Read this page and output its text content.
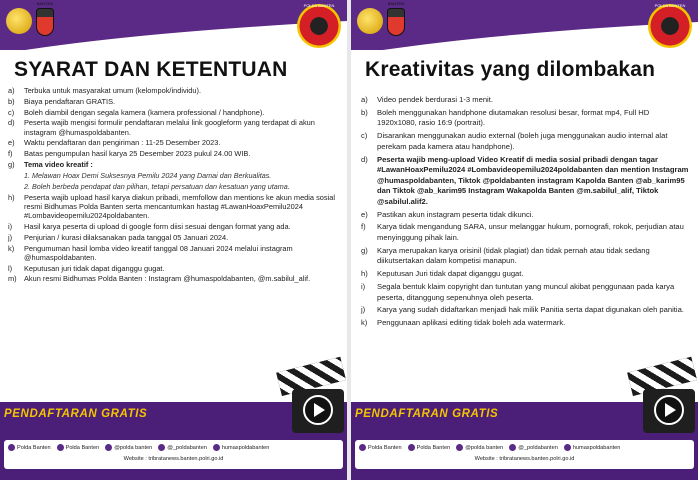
BANTEN	POLDA BANTEN
SYARAT DAN KETENTUAN
a)	Terbuka untuk masyarakat umum (kelompok/individu).
b)	Biaya pendaftaran GRATIS.
c)	Boleh diambil dengan segala kamera (kamera professional / handphone).
d)	Peserta wajib mengisi formulir pendaftaran melalui link googleform yang terdapat di akun instagram @humaspoldabanten.
e)	Waktu pendaftaran dan pengiriman : 11-25 Desember 2023.
f)	Batas pengumpulan hasil karya 25 Desember 2023 pukul 24.00 WIB.
g)	Tema video kreatif :
1. Melawan Hoax Demi Suksesnya Pemilu 2024 yang Damai dan Berkualitas.
2. Boleh berbeda pendapat dan pilihan, tetapi persatuan dan kesatuan yang utama.
h)	Peserta wajib upload hasil karya diakun pribadi, memfollow dan mentions ke akun media sosial resmi Bidhumas Polda Banten serta mencantumkan hastag #LawanHoaxPemilu2024 #Lombavideopemilu2024poldabanten.
i)	Hasil karya peserta di upload di google form diisi sesuai dengan format yang ada.
j)	Penjurian / kurasi dilaksanakan pada tanggal 05 Januari 2024.
k)	Pengumuman hasil lomba video kreatif tanggal 08 Januari 2024 melalui instagram @humaspoldabanten.
l)	Keputusan juri tidak dapat diganggu gugat.
m) Akun resmi Bidhumas Polda Banten : Instagram @humaspoldabanten, @m.sabilul_alif.
PENDAFTARAN GRATIS
Polda Banten	Polda Banten	@polda banten	@_poldabanten	humaspoldabanten
Website : tribratanews.banten.polri.go.id
BANTEN	POLDA BANTEN
Kreativitas yang dilombakan
a)	Video pendek berdurasi 1-3 menit.
b)	Boleh menggunakan handphone diutamakan resolusi besar, format mp4, Full HD 1920x1080, rasio 16:9 (portrait).
c)	Disarankan menggunakan audio external (boleh juga menggunakan audio internal alat perekam pada kamera atau handphone).
d)	Peserta wajib meng-upload Video Kreatif di media sosial pribadi dengan tagar #LawanHoaxPemilu2024 #Lombavideopemilu2024poldabanten dan mention Instagram @humaspoldabanten, Tiktok @poldabanten instagram Kapolda Banten @ab_karim95 dan Tiktok @ab_karim95 Instagram Wakapolda Banten @m.sabilul_alif, Tiktok @sabilul.alif2.
e)	Pastikan akun instagram peserta tidak dikunci.
f)	Karya tidak mengandung SARA, unsur melanggar hukum, pornografi, rokok, perjudian atau menyinggung pihak lain.
g)	Karya merupakan karya orisinil (tidak plagiat) dan tidak pernah atau tidak sedang diikutsertakan dalam kompetisi manapun.
h)	Keputusan Juri tidak dapat diganggu gugat.
i)	Segala bentuk klaim copyright dan tuntutan yang muncul akibat penggunaan pada karya peserta, ditanggung sepenuhnya oleh peserta.
j)	Karya yang sudah didaftarkan menjadi hak milik Panitia serta dapat digunakan oleh panitia.
k)	Penggunaan aplikasi editing tidak boleh ada watermark.
PENDAFTARAN GRATIS
Polda Banten	Polda Banten	@polda banten	@_poldabanten	humaspoldabanten
Website : tribratanews.banten.polri.go.id
